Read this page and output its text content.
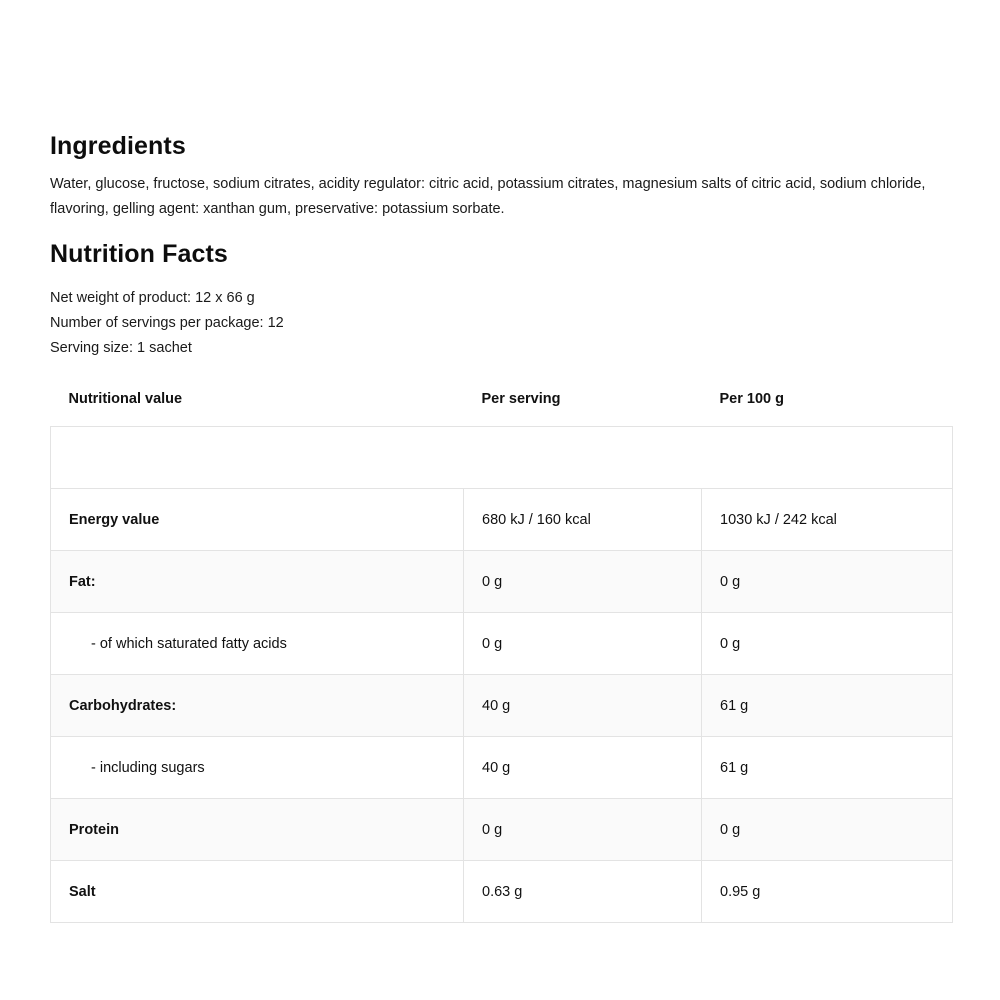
Ingredients

Water, glucose, fructose, sodium citrates, acidity regulator: citric acid, potassium citrates, magnesium salts of citric acid, sodium chloride, flavoring, gelling agent: xanthan gum, preservative: potassium sorbate.

Nutrition Facts
Net weight of product: 12 x 66 g
Number of servings per package: 12
Serving size: 1 sachet
Nutritional value	Per serving	Per 100 g

Energy value	680 kJ / 160 kcal	1030 kJ / 242 kcal
Fat:	0 g	0 g
- of which saturated fatty acids	0 g	0 g
Carbohydrates:	40 g	61 g
- including sugars	40 g	61 g
Protein	0 g	0 g
Salt	0.63 g	0.95 g
